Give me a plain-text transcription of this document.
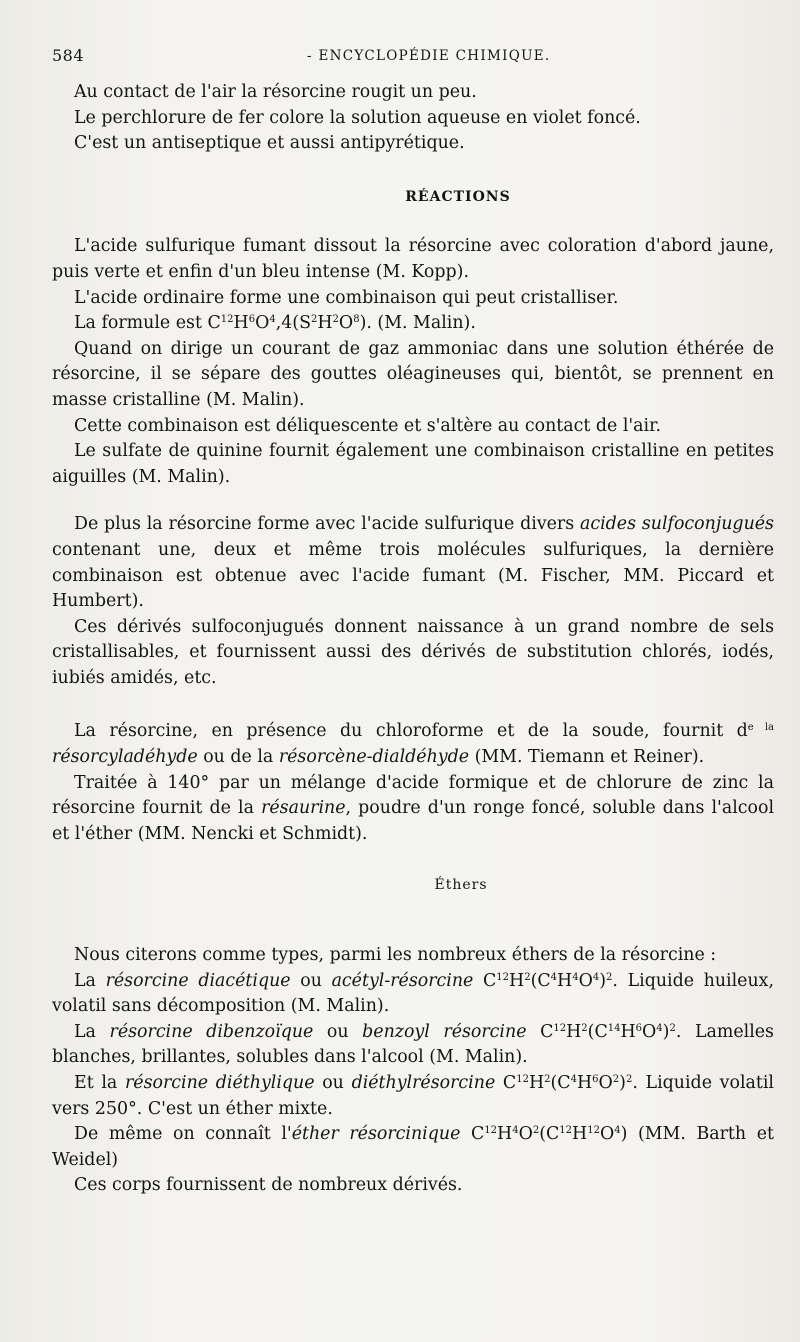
584	- ENCYCLOPÉDIE CHIMIQUE.

Au contact de l'air la résorcine rougit un peu.

Le perchlorure de fer colore la solution aqueuse en violet foncé.

C'est un antiseptique et aussi antipyrétique.

RÉACTIONS

L'acide sulfurique fumant dissout la résorcine avec coloration d'abord jaune, puis verte et enfin d'un bleu intense (M. Kopp).

L'acide ordinaire forme une combinaison qui peut cristalliser.

La formule est $C^{12}H^6O^4,4(S^2H^2O^8)$. (M. Malin).

Quand on dirige un courant de gaz ammoniac dans une solution éthérée de résorcine, il se sépare des gouttes oléagineuses qui, bientôt, se prennent en masse cristalline (M. Malin).

Cette combinaison est déliquescente et s'altère au contact de l'air.

Le sulfate de quinine fournit également une combinaison cristalline en petites aiguilles (M. Malin).

De plus la résorcine forme avec l'acide sulfurique divers acides sulfoconjugués contenant une, deux et même trois molécules sulfuriques, la dernière combinaison est obtenue avec l'acide fumant (M. Fischer, MM. Piccard et Humbert).

Ces dérivés sulfoconjugués donnent naissance à un grand nombre de sels cristallisables, et fournissent aussi des dérivés de substitution chlorés, iodés, iubiés amidés, etc.

La résorcine, en présence du chloroforme et de la soude, fournit $d^{e la}$ résorcyladéhyde ou de la résorcène-dialdéhyde (MM. Tiemann et Reiner).

Traitée à 140° par un mélange d'acide formique et de chlorure de zinc la résorcine fournit de la résaurine, poudre d'un ronge foncé, soluble dans l'alcool et l'éther (MM. Nencki et Schmidt).

Éthers

Nous citerons comme types, parmi les nombreux éthers de la résorcine :

La résorcine diacétique ou acétyl-résorcine $C^{12}H^2(C^4H^4O^4)^2$. Liquide huileux, volatil sans décomposition (M. Malin).

La résorcine dibenzoïque ou benzoyl résorcine $C^{12}H^2(C^{14}H^6O^4)^2$. Lamelles blanches, brillantes, solubles dans l'alcool (M. Malin).

Et la résorcine diéthylique ou diéthylrésorcine $C^{12}H^2(C^4H^6O^2)^2$. Liquide volatil vers 250°. C'est un éther mixte.

De même on connaît l'éther résorcinique $C^{12}H^4O^2(C^{12}H^{12}O^4)$ (MM. Barth et Weidel)

Ces corps fournissent de nombreux dérivés.
